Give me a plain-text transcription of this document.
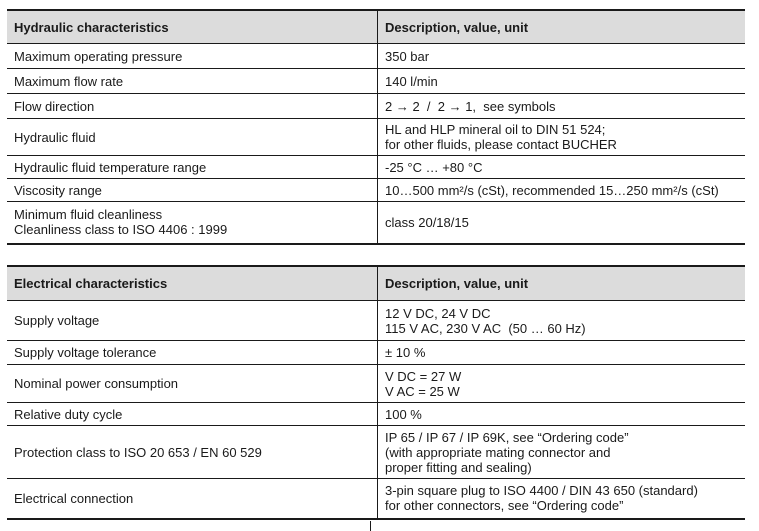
Hydraulic characteristics	Description, value, unit

Maximum operating pressure	350 bar

Maximum flow rate	140 l/min

Flow direction	2 → 2  /  2 → 1,  see symbols

Hydraulic fluid	HL and HLP mineral oil to DIN 51 524;
for other fluids, please contact BUCHER

Hydraulic fluid temperature range	-25 °C … +80 °C

Viscosity range	10…500 mm²/s (cSt), recommended 15…250 mm²/s (cSt)

Minimum fluid cleanliness
Cleanliness class to ISO 4406 : 1999	class 20/18/15
Electrical characteristics	Description, value, unit

Supply voltage	12 V DC, 24 V DC
115 V AC, 230 V AC  (50 … 60 Hz)

Supply voltage tolerance	± 10 %

Nominal power consumption	V DC = 27 W
V AC = 25 W

Relative duty cycle	100 %

Protection class to ISO 20 653 / EN 60 529	IP 65 / IP 67 / IP 69K, see “Ordering code”
(with appropriate mating connector and
proper fitting and sealing)

Electrical connection	3-pin square plug to ISO 4400 / DIN 43 650 (standard)
for other connectors, see “Ordering code”
